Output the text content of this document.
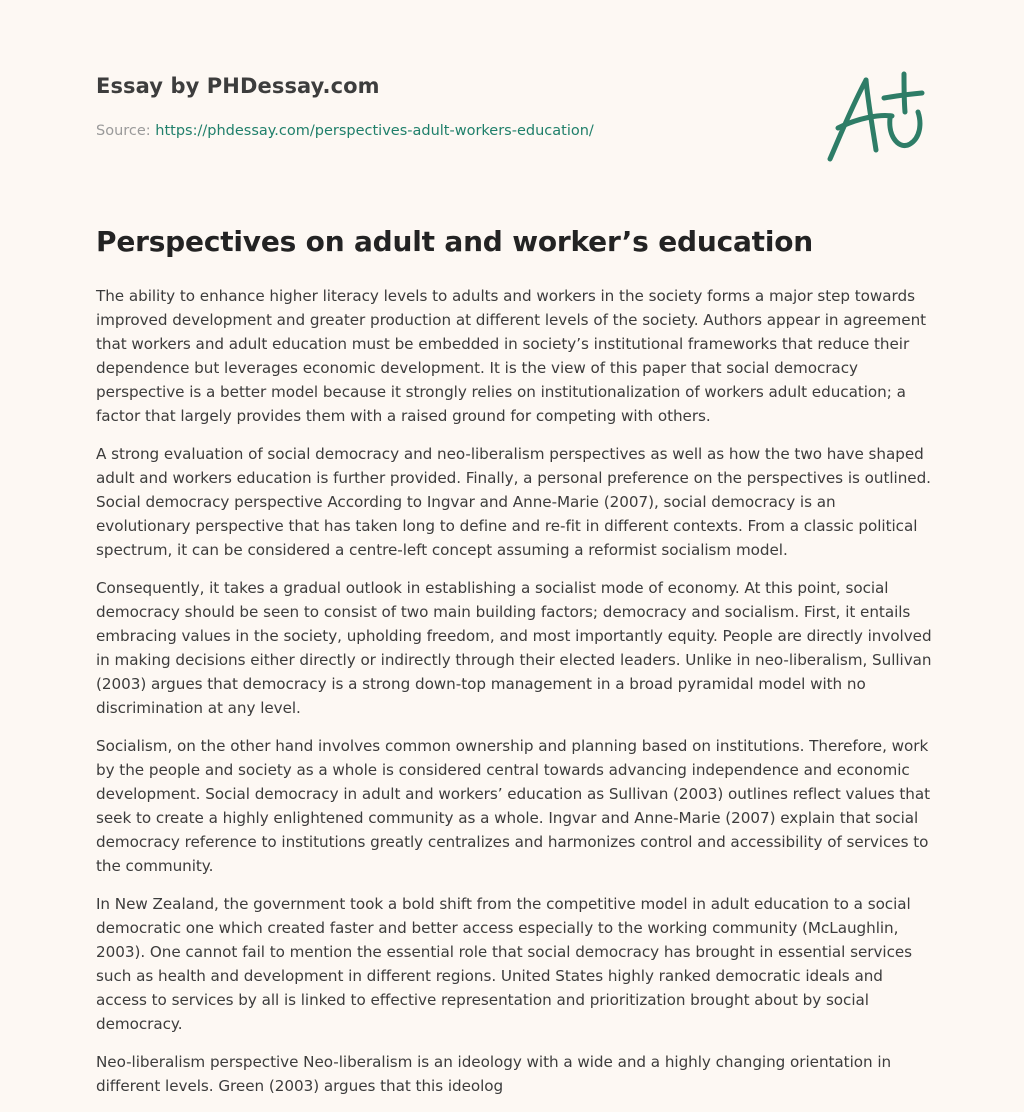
Essay by PHDessay.com
Source: https://phdessay.com/perspectives-adult-workers-education/
Perspectives on adult and worker’s education

The ability to enhance higher literacy levels to adults and workers in the society forms a major step towards improved development and greater production at different levels of the society. Authors appear in agreement that workers and adult education must be embedded in society’s institutional frameworks that reduce their dependence but leverages economic development. It is the view of this paper that social democracy perspective is a better model because it strongly relies on institutionalization of workers adult education; a factor that largely provides them with a raised ground for competing with others.

A strong evaluation of social democracy and neo-liberalism perspectives as well as how the two have shaped adult and workers education is further provided. Finally, a personal preference on the perspectives is outlined. Social democracy perspective According to Ingvar and Anne-Marie (2007), social democracy is an evolutionary perspective that has taken long to define and re-fit in different contexts. From a classic political spectrum, it can be considered a centre-left concept assuming a reformist socialism model.

Consequently, it takes a gradual outlook in establishing a socialist mode of economy. At this point, social democracy should be seen to consist of two main building factors; democracy and socialism. First, it entails embracing values in the society, upholding freedom, and most importantly equity. People are directly involved in making decisions either directly or indirectly through their elected leaders. Unlike in neo-liberalism, Sullivan (2003) argues that democracy is a strong down-top management in a broad pyramidal model with no discrimination at any level.

Socialism, on the other hand involves common ownership and planning based on institutions. Therefore, work by the people and society as a whole is considered central towards advancing independence and economic development. Social democracy in adult and workers’ education as Sullivan (2003) outlines reflect values that seek to create a highly enlightened community as a whole. Ingvar and Anne-Marie (2007) explain that social democracy reference to institutions greatly centralizes and harmonizes control and accessibility of services to the community.

In New Zealand, the government took a bold shift from the competitive model in adult education to a social democratic one which created faster and better access especially to the working community (McLaughlin, 2003). One cannot fail to mention the essential role that social democracy has brought in essential services such as health and development in different regions. United States highly ranked democratic ideals and access to services by all is linked to effective representation and prioritization brought about by social democracy.

Neo-liberalism perspective Neo-liberalism is an ideology with a wide and a highly changing orientation in different levels. Green (2003) argues that this ideolog
